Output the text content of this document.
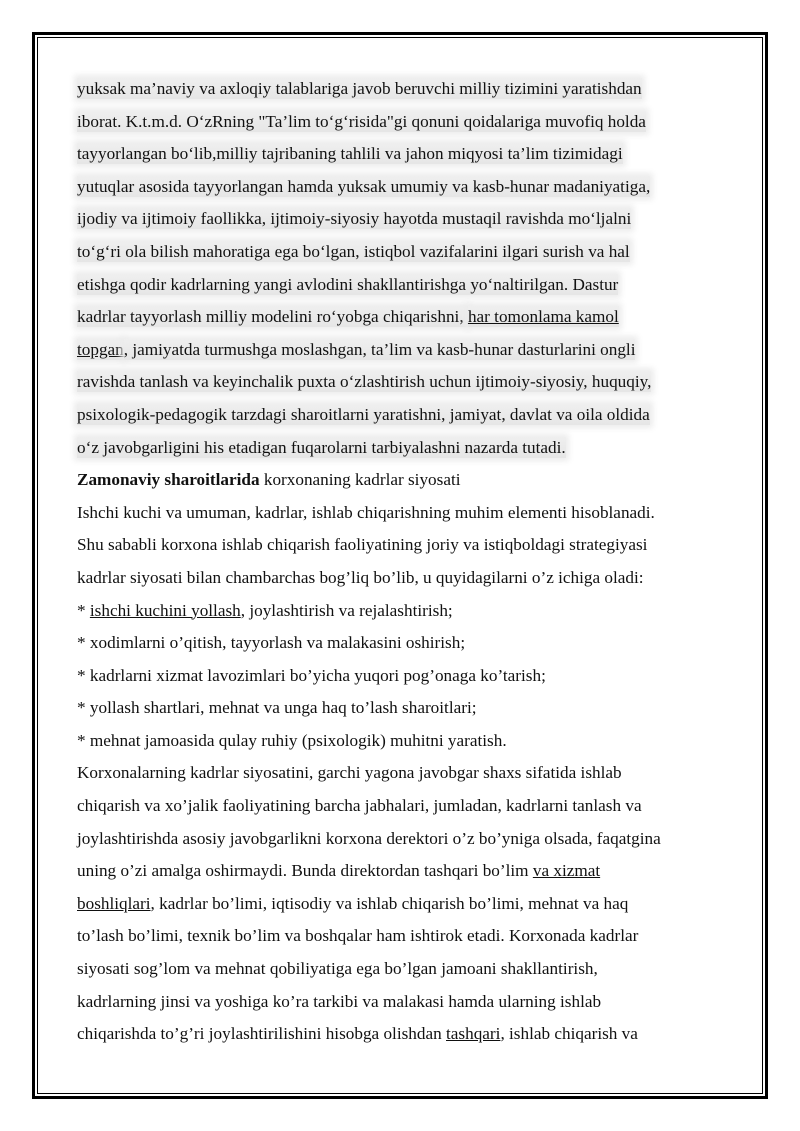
yuksak ma’naviy va axloqiy talablariga javob beruvchi milliy tizimini yaratishdan
iborat. K.t.m.d. O‘zRning "Ta’lim to‘g‘risida"gi qonuni qoidalariga muvofiq holda
tayyorlangan bo‘lib,milliy tajribaning tahlili va jahon miqyosi ta’lim tizimidagi
yutuqlar asosida tayyorlangan hamda yuksak umumiy va kasb-hunar madaniyatiga,
ijodiy va ijtimoiy faollikka, ijtimoiy-siyosiy hayotda mustaqil ravishda mo‘ljalni
to‘g‘ri ola bilish mahoratiga ega bo‘lgan, istiqbol vazifalarini ilgari surish va hal
etishga qodir kadrlarning yangi avlodini shakllantirishga yo‘naltirilgan. Dastur
kadrlar tayyorlash milliy modelini ro‘yobga chiqarishni, har tomonlama kamol
topgan, jamiyatda turmushga moslashgan, ta’lim va kasb-hunar dasturlarini ongli
ravishda tanlash va keyinchalik puxta o‘zlashtirish uchun ijtimoiy-siyosiy, huquqiy,
psixologik-pedagogik tarzdagi sharoitlarni yaratishni, jamiyat, davlat va oila oldida
o‘z javobgarligini his etadigan fuqarolarni tarbiyalashni nazarda tutadi.
Zamonaviy sharoitlarida korxonaning kadrlar siyosati
Ishchi kuchi va umuman, kadrlar, ishlab chiqarishning muhim elementi hisoblanadi.
Shu sababli korxona ishlab chiqarish faoliyatining joriy va istiqboldagi strategiyasi
kadrlar siyosati bilan chambarchas bog’liq bo’lib, u quyidagilarni o’z ichiga oladi:
* ishchi kuchini yollash, joylashtirish va rejalashtirish;
* xodimlarni o’qitish, tayyorlash va malakasini oshirish;
* kadrlarni xizmat lavozimlari bo’yicha yuqori pog’onaga ko’tarish;
* yollash shartlari, mehnat va unga haq to’lash sharoitlari;
* mehnat jamoasida qulay ruhiy (psixologik) muhitni yaratish.
Korxonalarning kadrlar siyosatini, garchi yagona javobgar shaxs sifatida ishlab
chiqarish va xo’jalik faoliyatining barcha jabhalari, jumladan, kadrlarni tanlash va
joylashtirishda asosiy javobgarlikni korxona derektori o’z bo’yniga olsada, faqatgina
uning o’zi amalga oshirmaydi. Bunda direktordan tashqari bo’lim va xizmat
boshliqlari, kadrlar bo’limi, iqtisodiy va ishlab chiqarish bo’limi, mehnat va haq
to’lash bo’limi, texnik bo’lim va boshqalar ham ishtirok etadi. Korxonada kadrlar
siyosati sog’lom va mehnat qobiliyatiga ega bo’lgan jamoani shakllantirish,
kadrlarning jinsi va yoshiga ko’ra tarkibi va malakasi hamda ularning ishlab
chiqarishda to’g’ri joylashtirilishini hisobga olishdan tashqari, ishlab chiqarish va
